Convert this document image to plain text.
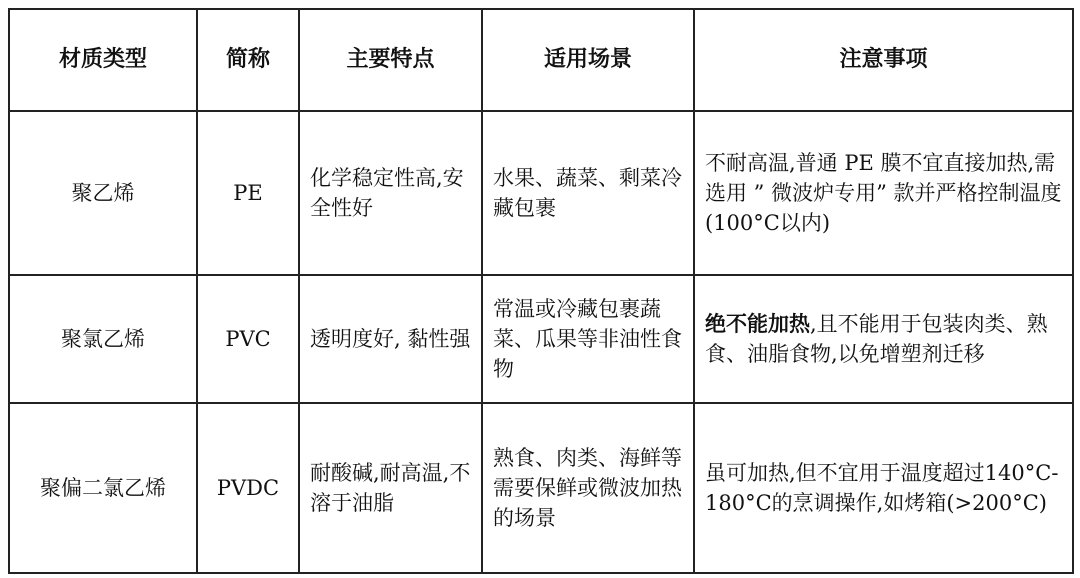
材质类型	简称	主要特点	适用场景	注意事项
聚乙烯	PE	化学稳定性高,安全性好	水果、蔬菜、剩菜冷藏包裹	不耐高温,普通 PE 膜不宜直接加热,需选用 ” 微波炉专用” 款并严格控制温度(100°C以内)
聚氯乙烯	PVC	透明度好, 黏性强	常温或冷藏包裹蔬菜、瓜果等非油性食物	绝不能加热,且不能用于包装肉类、熟食、油脂食物,以免增塑剂迁移
聚偏二氯乙烯	PVDC	耐酸碱,耐高温,不溶于油脂	熟食、肉类、海鲜等需要保鲜或微波加热的场景	虽可加热,但不宜用于温度超过140°C-180°C的烹调操作,如烤箱(>200°C)
